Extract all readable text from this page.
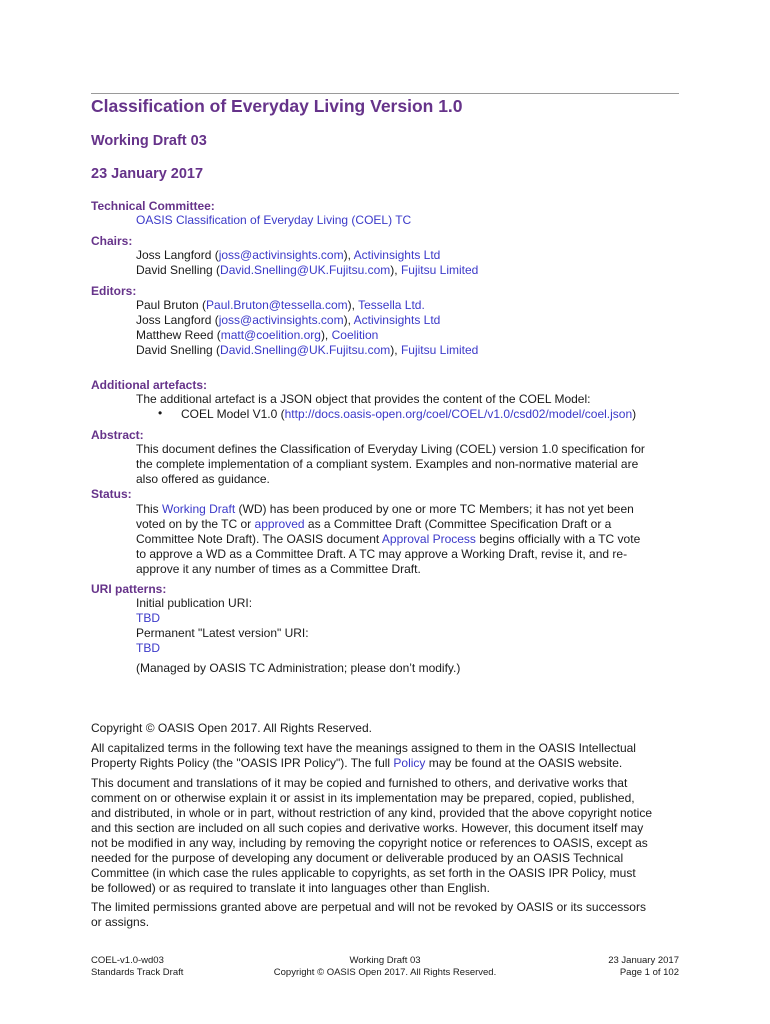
Classification of Everyday Living Version 1.0
Working Draft 03
23 January 2017
Technical Committee:
OASIS Classification of Everyday Living (COEL) TC
Chairs:
Joss Langford (joss@activinsights.com), Activinsights Ltd
David Snelling (David.Snelling@UK.Fujitsu.com), Fujitsu Limited
Editors:
Paul Bruton (Paul.Bruton@tessella.com), Tessella Ltd.
Joss Langford (joss@activinsights.com), Activinsights Ltd
Matthew Reed (matt@coelition.org), Coelition
David Snelling (David.Snelling@UK.Fujitsu.com), Fujitsu Limited
Additional artefacts:
The additional artefact is a JSON object that provides the content of the COEL Model:
• COEL Model V1.0 (http://docs.oasis-open.org/coel/COEL/v1.0/csd02/model/coel.json)
Abstract:
This document defines the Classification of Everyday Living (COEL) version 1.0 specification for
the complete implementation of a compliant system. Examples and non-normative material are
also offered as guidance.
Status:
This Working Draft (WD) has been produced by one or more TC Members; it has not yet been
voted on by the TC or approved as a Committee Draft (Committee Specification Draft or a
Committee Note Draft). The OASIS document Approval Process begins officially with a TC vote
to approve a WD as a Committee Draft. A TC may approve a Working Draft, revise it, and re-
approve it any number of times as a Committee Draft.
URI patterns:
Initial publication URI:
TBD
Permanent "Latest version" URI:
TBD
(Managed by OASIS TC Administration; please don’t modify.)
Copyright © OASIS Open 2017. All Rights Reserved.
All capitalized terms in the following text have the meanings assigned to them in the OASIS Intellectual
Property Rights Policy (the "OASIS IPR Policy"). The full Policy may be found at the OASIS website.
This document and translations of it may be copied and furnished to others, and derivative works that
comment on or otherwise explain it or assist in its implementation may be prepared, copied, published,
and distributed, in whole or in part, without restriction of any kind, provided that the above copyright notice
and this section are included on all such copies and derivative works. However, this document itself may
not be modified in any way, including by removing the copyright notice or references to OASIS, except as
needed for the purpose of developing any document or deliverable produced by an OASIS Technical
Committee (in which case the rules applicable to copyrights, as set forth in the OASIS IPR Policy, must
be followed) or as required to translate it into languages other than English.
The limited permissions granted above are perpetual and will not be revoked by OASIS or its successors
or assigns.
COEL-v1.0-wd03
Standards Track Draft
Working Draft 03
Copyright © OASIS Open 2017. All Rights Reserved.
23 January 2017
Page 1 of 102
